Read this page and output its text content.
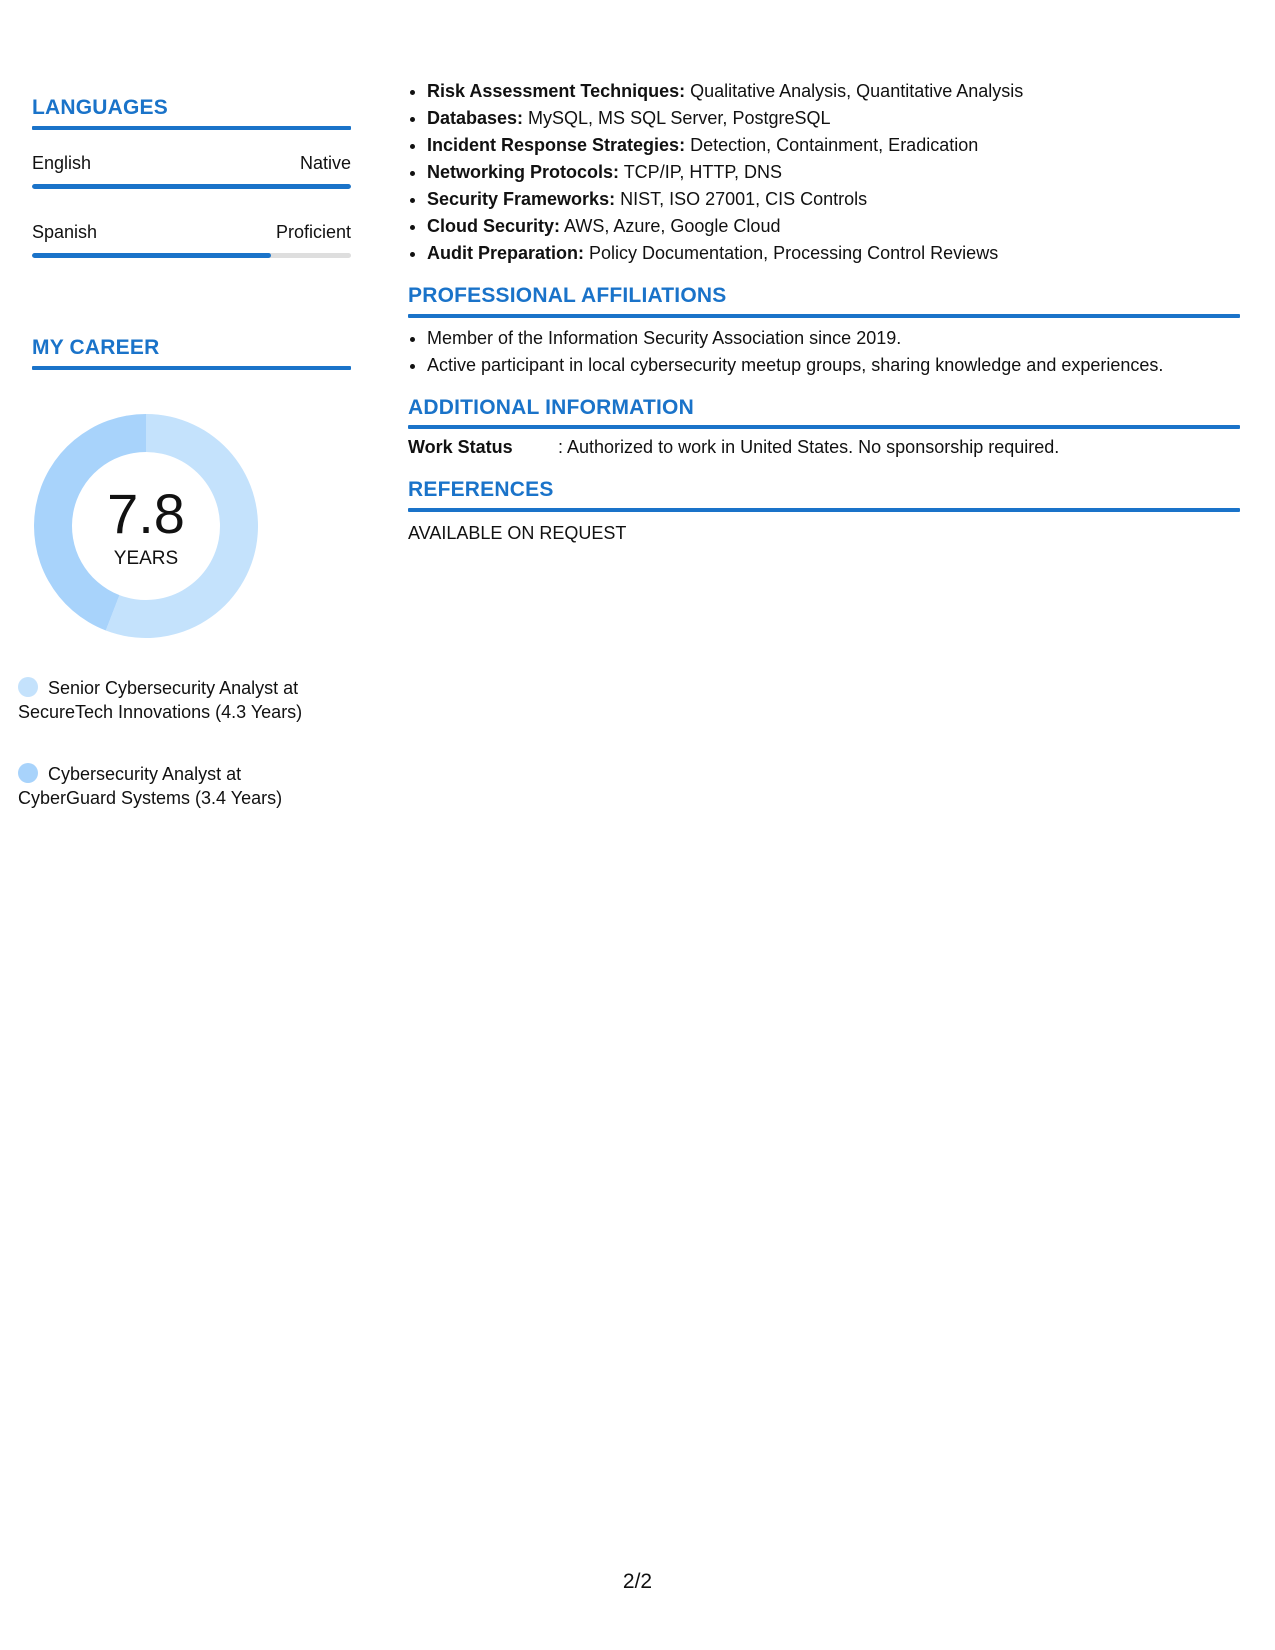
LANGUAGES
English	Native
Spanish	Proficient
MY CAREER
7.8
YEARS
Senior Cybersecurity Analyst at SecureTech Innovations (4.3 Years)
Cybersecurity Analyst at CyberGuard Systems (3.4 Years)
• Risk Assessment Techniques: Qualitative Analysis, Quantitative Analysis
• Databases: MySQL, MS SQL Server, PostgreSQL
• Incident Response Strategies: Detection, Containment, Eradication
• Networking Protocols: TCP/IP, HTTP, DNS
• Security Frameworks: NIST, ISO 27001, CIS Controls
• Cloud Security: AWS, Azure, Google Cloud
• Audit Preparation: Policy Documentation, Processing Control Reviews
PROFESSIONAL AFFILIATIONS
• Member of the Information Security Association since 2019.
• Active participant in local cybersecurity meetup groups, sharing knowledge and experiences.
ADDITIONAL INFORMATION
Work Status	: Authorized to work in United States. No sponsorship required.
REFERENCES
AVAILABLE ON REQUEST
2/2
